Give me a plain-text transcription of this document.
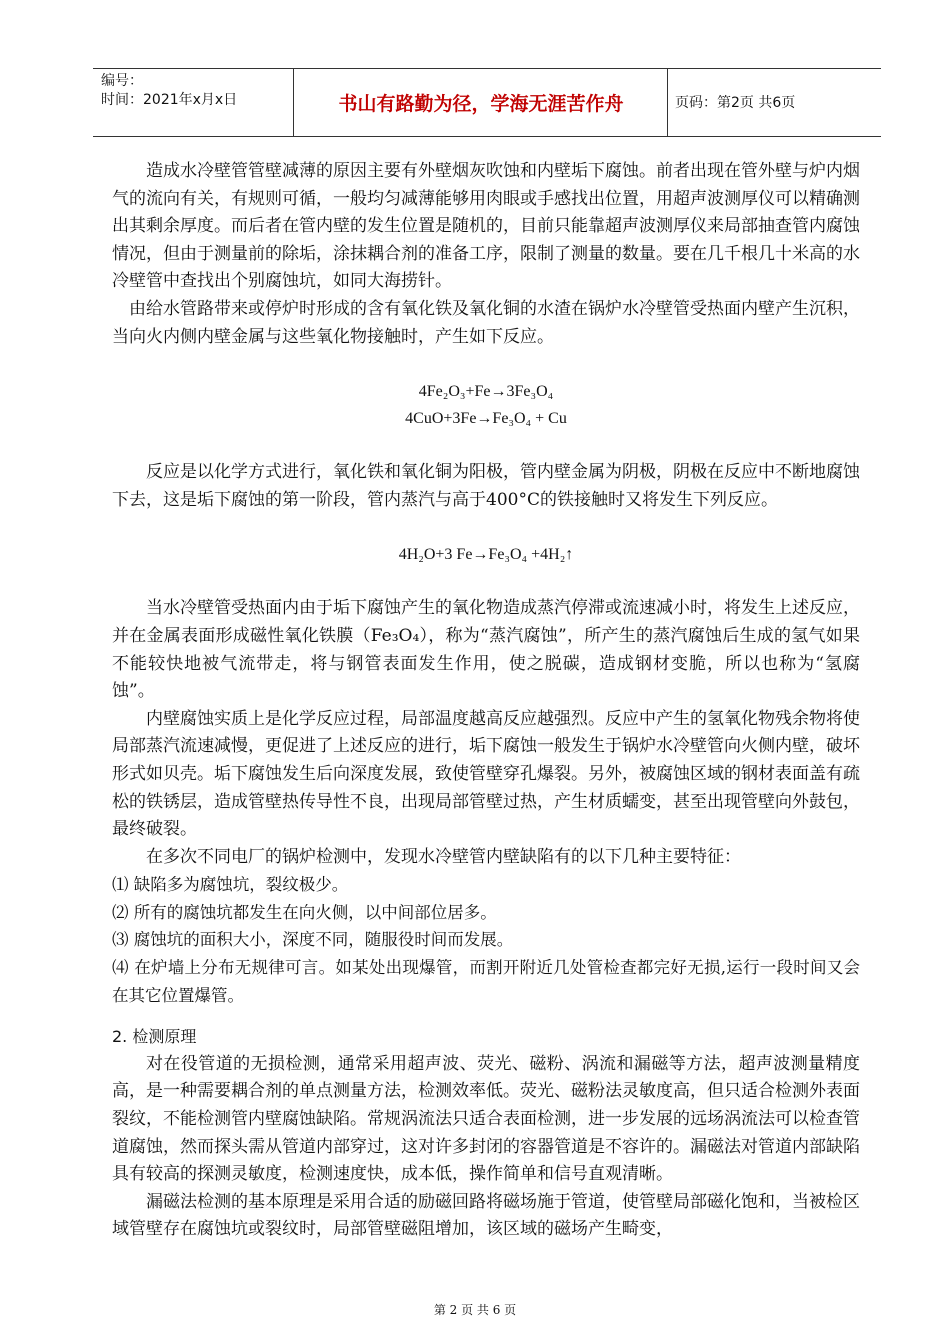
编号：
时间：2021年x月x日	书山有路勤为径，学海无涯苦作舟	页码：第2页 共6页

造成水冷壁管管壁减薄的原因主要有外壁烟灰吹蚀和内壁垢下腐蚀。前者出现在管外壁与炉内烟气的流向有关，有规则可循，一般均匀减薄能够用肉眼或手感找出位置，用超声波测厚仪可以精确测出其剩余厚度。而后者在管内壁的发生位置是随机的，目前只能靠超声波测厚仪来局部抽查管内腐蚀情况，但由于测量前的除垢，涂抹耦合剂的准备工序，限制了测量的数量。要在几千根几十米高的水冷壁管中查找出个别腐蚀坑，如同大海捞针。

由给水管路带来或停炉时形成的含有氧化铁及氧化铜的水渣在锅炉水冷壁管受热面内壁产生沉积，当向火内侧内壁金属与这些氧化物接触时，产生如下反应。

4Fe₂O₃+Fe→3Fe₃O₄

4CuO+3Fe→Fe₃O₄ + Cu

反应是以化学方式进行，氧化铁和氧化铜为阳极，管内壁金属为阴极，阴极在反应中不断地腐蚀下去，这是垢下腐蚀的第一阶段，管内蒸汽与高于400°C的铁接触时又将发生下列反应。

4H₂O+3 Fe→Fe₃O₄ +4H₂↑

当水冷壁管受热面内由于垢下腐蚀产生的氧化物造成蒸汽停滞或流速减小时，将发生上述反应，并在金属表面形成磁性氧化铁膜（Fe₃O₄），称为“蒸汽腐蚀”，所产生的蒸汽腐蚀后生成的氢气如果不能较快地被气流带走，将与钢管表面发生作用，使之脱碳，造成钢材变脆，所以也称为“氢腐蚀”。

内壁腐蚀实质上是化学反应过程，局部温度越高反应越强烈。反应中产生的氢氧化物残余物将使局部蒸汽流速减慢，更促进了上述反应的进行，垢下腐蚀一般发生于锅炉水冷壁管向火侧内壁，破坏形式如贝壳。垢下腐蚀发生后向深度发展，致使管壁穿孔爆裂。另外，被腐蚀区域的钢材表面盖有疏松的铁锈层，造成管壁热传导性不良，出现局部管壁过热，产生材质蠕变，甚至出现管壁向外鼓包，最终破裂。

在多次不同电厂的锅炉检测中，发现水冷壁管内壁缺陷有的以下几种主要特征：

⑴ 缺陷多为腐蚀坑，裂纹极少。

⑵ 所有的腐蚀坑都发生在向火侧，以中间部位居多。

⑶ 腐蚀坑的面积大小，深度不同，随服役时间而发展。

⑷ 在炉墙上分布无规律可言。如某处出现爆管，而割开附近几处管检查都完好无损,运行一段时间又会在其它位置爆管。

2. 检测原理

对在役管道的无损检测，通常采用超声波、荧光、磁粉、涡流和漏磁等方法，超声波测量精度高，是一种需要耦合剂的单点测量方法，检测效率低。荧光、磁粉法灵敏度高，但只适合检测外表面裂纹，不能检测管内壁腐蚀缺陷。常规涡流法只适合表面检测，进一步发展的远场涡流法可以检查管道腐蚀，然而探头需从管道内部穿过，这对许多封闭的容器管道是不容许的。漏磁法对管道内部缺陷具有较高的探测灵敏度，检测速度快，成本低，操作简单和信号直观清晰。

漏磁法检测的基本原理是采用合适的励磁回路将磁场施于管道，使管壁局部磁化饱和，当被检区域管壁存在腐蚀坑或裂纹时，局部管壁磁阻增加，该区域的磁场产生畸变，

第 2 页 共 6 页
